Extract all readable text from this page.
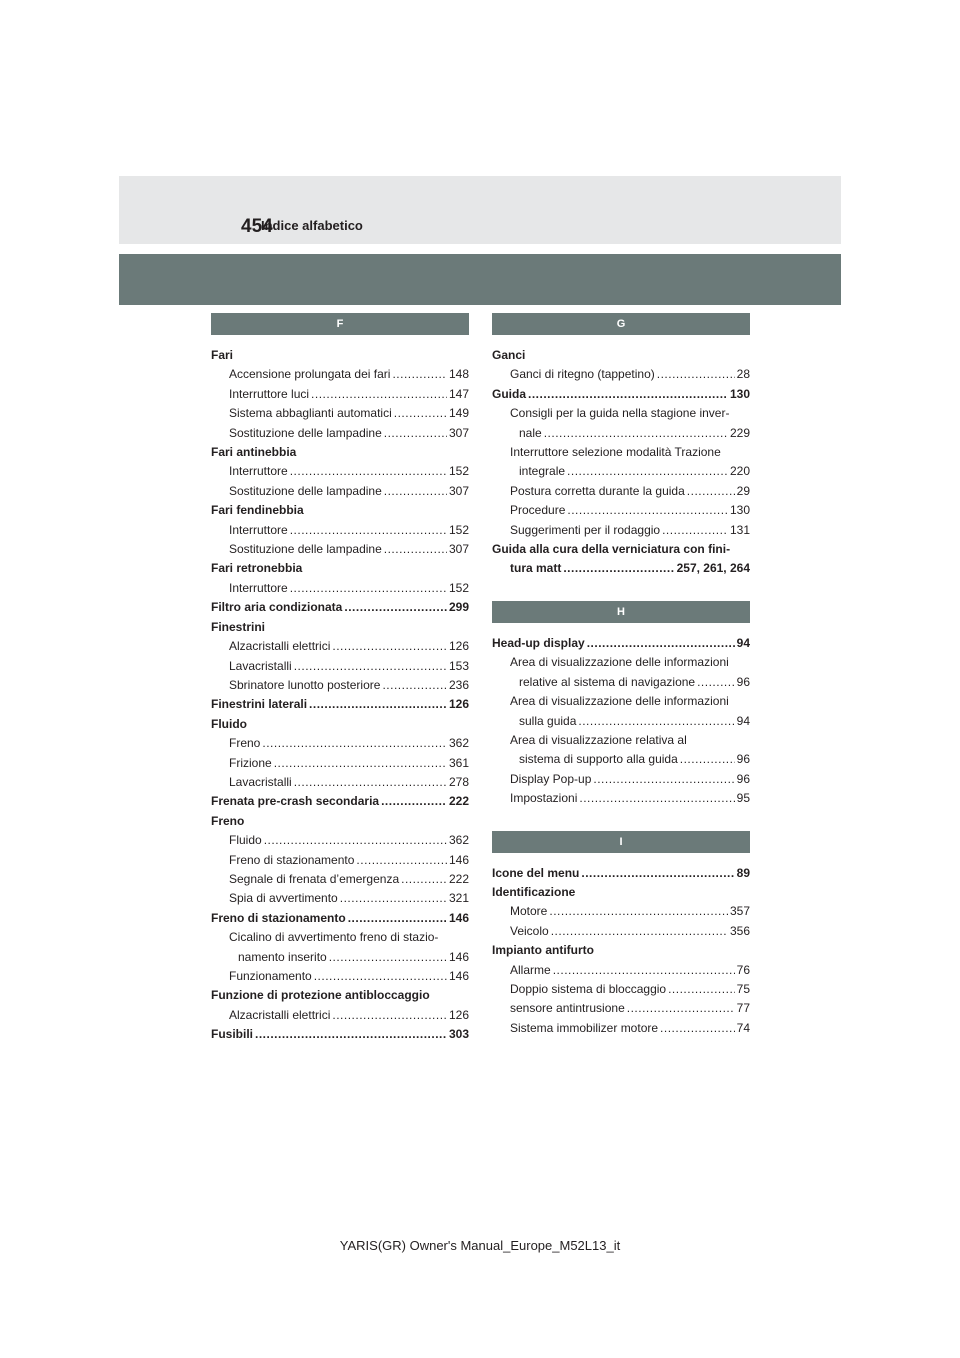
454
Indice alfabetico
F
Fari
Accensione prolungata dei fari .....	148
Interruttore luci .....	147
Sistema abbaglianti automatici .....	149
Sostituzione delle lampadine .....	307
Fari antinebbia
Interruttore .....	152
Sostituzione delle lampadine .....	307
Fari fendinebbia
Interruttore .....	152
Sostituzione delle lampadine .....	307
Fari retronebbia
Interruttore .....	152
Filtro aria condizionata .....	299
Finestrini
Alzacristalli elettrici .....	126
Lavacristalli .....	153
Sbrinatore lunotto posteriore .....	236
Finestrini laterali .....	126
Fluido
Freno .....	362
Frizione .....	361
Lavacristalli .....	278
Frenata pre-crash secondaria .....	222
Freno
Fluido .....	362
Freno di stazionamento .....	146
Segnale di frenata d’emergenza .....	222
Spia di avvertimento .....	321
Freno di stazionamento .....	146
Cicalino di avvertimento freno di stazio-
namento inserito .....	146
Funzionamento .....	146
Funzione di protezione antibloccaggio
Alzacristalli elettrici .....	126
Fusibili .....	303
G
Ganci
Ganci di ritegno (tappetino) .....	28
Guida .....	130
Consigli per la guida nella stagione inver-
nale .....	229
Interruttore selezione modalità Trazione
integrale .....	220
Postura corretta durante la guida .....	29
Procedure .....	130
Suggerimenti per il rodaggio .....	131
Guida alla cura della verniciatura con fini-
tura matt .....	257, 261, 264
H
Head-up display .....	94
Area di visualizzazione delle informazioni
relative al sistema di navigazione .....	96
Area di visualizzazione delle informazioni
sulla guida .....	94
Area di visualizzazione relativa al
sistema di supporto alla guida .....	96
Display Pop-up .....	96
Impostazioni .....	95
I
Icone del menu .....	89
Identificazione
Motore .....	357
Veicolo .....	356
Impianto antifurto
Allarme .....	76
Doppio sistema di bloccaggio .....	75
sensore antintrusione .....	77
Sistema immobilizer motore .....	74
YARIS(GR) Owner's Manual_Europe_M52L13_it
